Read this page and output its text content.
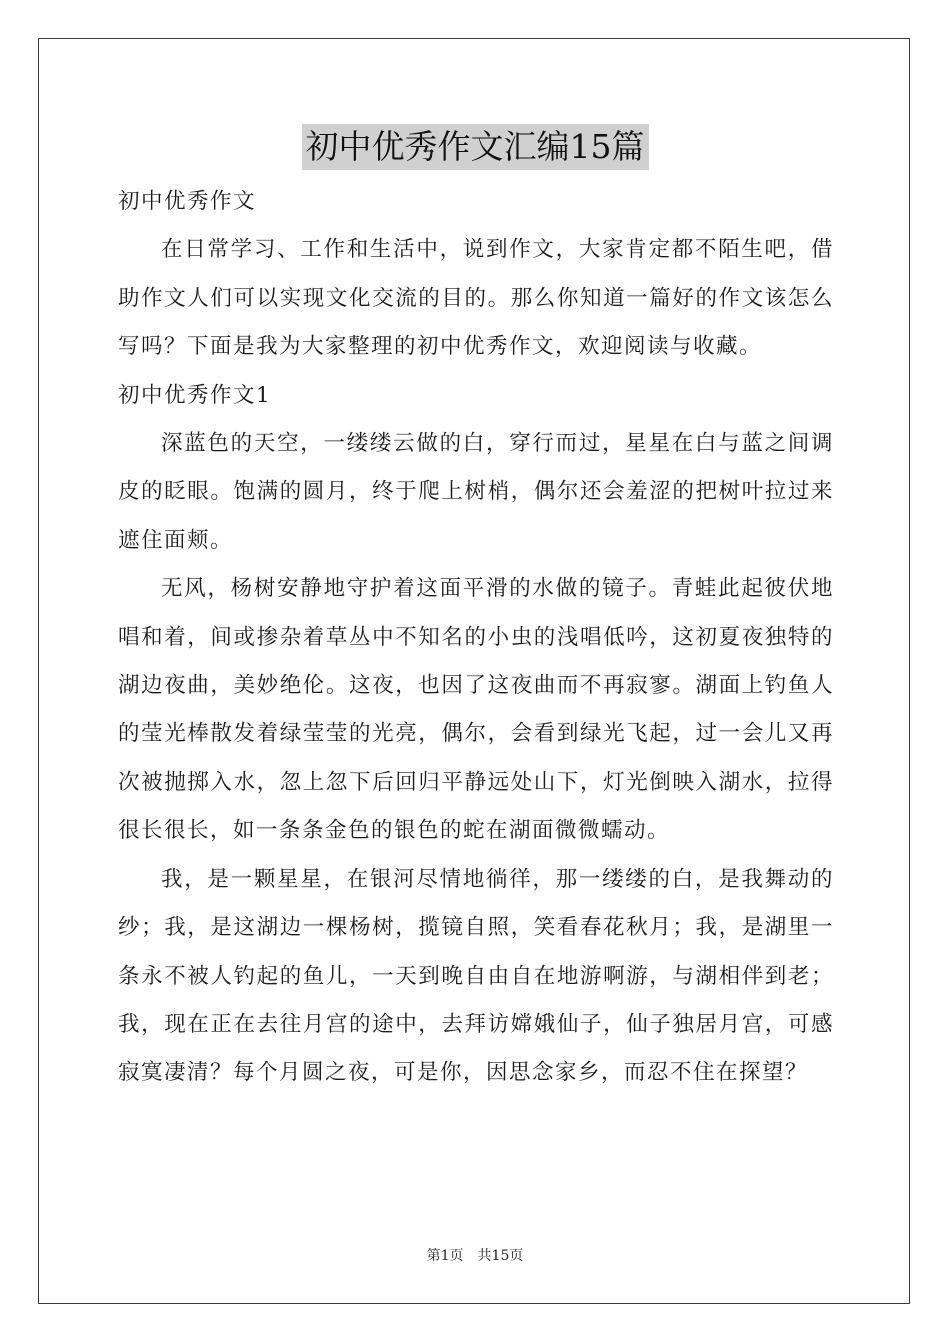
初中优秀作文汇编15篇

初中优秀作文

在日常学习、工作和生活中，说到作文，大家肯定都不陌生吧，借助作文人们可以实现文化交流的目的。那么你知道一篇好的作文该怎么写吗？下面是我为大家整理的初中优秀作文，欢迎阅读与收藏。

初中优秀作文1

深蓝色的天空，一缕缕云做的白，穿行而过，星星在白与蓝之间调皮的眨眼。饱满的圆月，终于爬上树梢，偶尔还会羞涩的把树叶拉过来遮住面颊。

无风，杨树安静地守护着这面平滑的水做的镜子。青蛙此起彼伏地唱和着，间或掺杂着草丛中不知名的小虫的浅唱低吟，这初夏夜独特的湖边夜曲，美妙绝伦。这夜，也因了这夜曲而不再寂寥。湖面上钓鱼人的莹光棒散发着绿莹莹的光亮，偶尔，会看到绿光飞起，过一会儿又再次被抛掷入水，忽上忽下后回归平静远处山下，灯光倒映入湖水，拉得很长很长，如一条条金色的银色的蛇在湖面微微蠕动。

我，是一颗星星，在银河尽情地徜徉，那一缕缕的白，是我舞动的纱；我，是这湖边一棵杨树，揽镜自照，笑看春花秋月；我，是湖里一条永不被人钓起的鱼儿，一天到晚自由自在地游啊游，与湖相伴到老；我，现在正在去往月宫的途中，去拜访嫦娥仙子，仙子独居月宫，可感寂寞凄清？每个月圆之夜，可是你，因思念家乡，而忍不住在探望？

第1页　共15页
